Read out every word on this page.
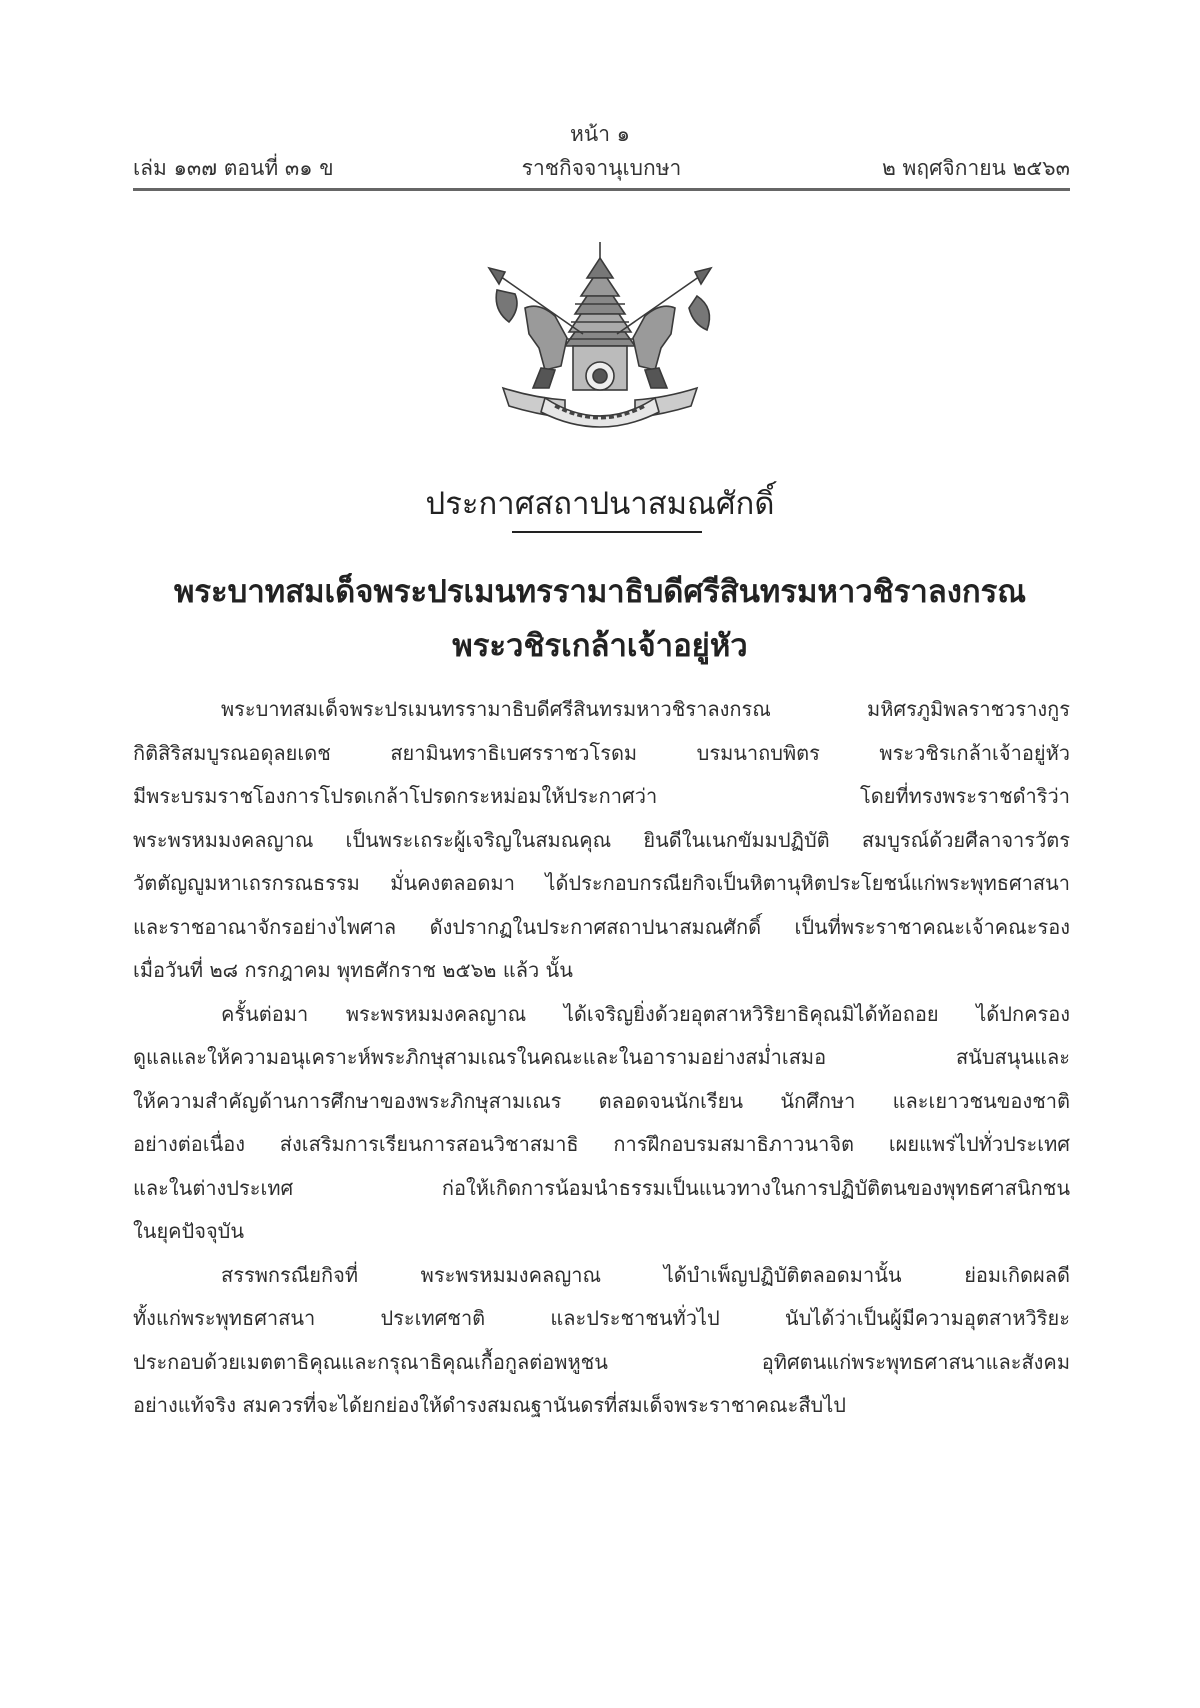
หน้า ๑
เล่ม ๑๓๗ ตอนที่ ๓๑ ข	ราชกิจจานุเบกษา	๒ พฤศจิกายน ๒๕๖๓
ประกาศสถาปนาสมณศักดิ์
พระบาทสมเด็จพระปรเมนทรรามาธิบดีศรีสินทรมหาวชิราลงกรณ
พระวชิรเกล้าเจ้าอยู่หัว
พระบาทสมเด็จพระปรเมนทรรามาธิบดีศรีสินทรมหาวชิราลงกรณ มหิศรภูมิพลราชวรางกูร
กิติสิริสมบูรณอดุลยเดช สยามินทราธิเบศรราชวโรดม บรมนาถบพิตร พระวชิรเกล้าเจ้าอยู่หัว
มีพระบรมราชโองการโปรดเกล้าโปรดกระหม่อมให้ประกาศว่า โดยที่ทรงพระราชดำริว่า
พระพรหมมงคลญาณ เป็นพระเถระผู้เจริญในสมณคุณ ยินดีในเนกขัมมปฏิบัติ สมบูรณ์ด้วยศีลาจารวัตร
วัตตัญญูมหาเถรกรณธรรม มั่นคงตลอดมา ได้ประกอบกรณียกิจเป็นหิตานุหิตประโยชน์แก่พระพุทธศาสนา
และราชอาณาจักรอย่างไพศาล ดังปรากฏในประกาศสถาปนาสมณศักดิ์ เป็นที่พระราชาคณะเจ้าคณะรอง
เมื่อวันที่ ๒๘ กรกฎาคม พุทธศักราช ๒๕๖๒ แล้ว นั้น
ครั้นต่อมา พระพรหมมงคลญาณ ได้เจริญยิ่งด้วยอุตสาหวิริยาธิคุณมิได้ท้อถอย ได้ปกครอง
ดูแลและให้ความอนุเคราะห์พระภิกษุสามเณรในคณะและในอารามอย่างสม่ำเสมอ สนับสนุนและ
ให้ความสำคัญด้านการศึกษาของพระภิกษุสามเณร ตลอดจนนักเรียน นักศึกษา และเยาวชนของชาติ
อย่างต่อเนื่อง ส่งเสริมการเรียนการสอนวิชาสมาธิ การฝึกอบรมสมาธิภาวนาจิต เผยแพร่ไปทั่วประเทศ
และในต่างประเทศ ก่อให้เกิดการน้อมนำธรรมเป็นแนวทางในการปฏิบัติตนของพุทธศาสนิกชน
ในยุคปัจจุบัน
สรรพกรณียกิจที่ พระพรหมมงคลญาณ ได้บำเพ็ญปฏิบัติตลอดมานั้น ย่อมเกิดผลดี
ทั้งแก่พระพุทธศาสนา ประเทศชาติ และประชาชนทั่วไป นับได้ว่าเป็นผู้มีความอุตสาหวิริยะ
ประกอบด้วยเมตตาธิคุณและกรุณาธิคุณเกื้อกูลต่อพหูชน อุทิศตนแก่พระพุทธศาสนาและสังคม
อย่างแท้จริง สมควรที่จะได้ยกย่องให้ดำรงสมณฐานันดรที่สมเด็จพระราชาคณะสืบไป
